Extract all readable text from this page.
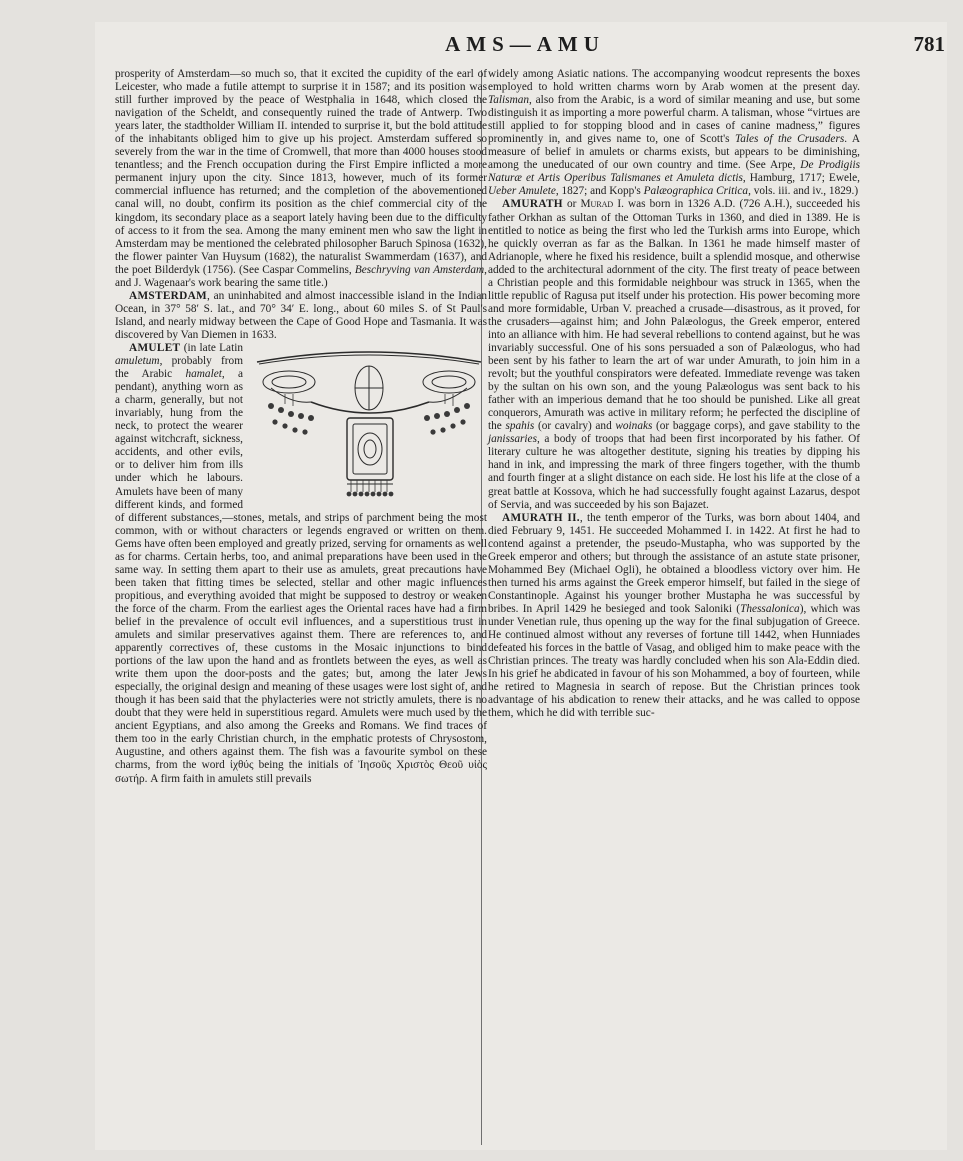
AMS—AMU	781

prosperity of Amsterdam—so much so, that it excited the cupidity of the earl of Leicester, who made a futile attempt to surprise it in 1587; and its position was still further improved by the peace of Westphalia in 1648, which closed the navigation of the Scheldt, and consequently ruined the trade of Antwerp. Two years later, the stadtholder William II. intended to surprise it, but the bold attitude of the inhabitants obliged him to give up his project. Amsterdam suffered so severely from the war in the time of Cromwell, that more than 4000 houses stood tenantless; and the French occupation during the First Empire inflicted a more permanent injury upon the city. Since 1813, however, much of its former commercial influence has returned; and the completion of the abovementioned canal will, no doubt, confirm its position as the chief commercial city of the kingdom, its secondary place as a seaport lately having been due to the difficulty of access to it from the sea. Among the many eminent men who saw the light in Amsterdam may be mentioned the celebrated philosopher Baruch Spinosa (1632), the flower painter Van Huysum (1682), the naturalist Swammerdam (1637), and the poet Bilderdyk (1756). (See Caspar Commelins, Beschryving van Amsterdam, and J. Wagenaar's work bearing the same title.)

AMSTERDAM, an uninhabited and almost inaccessible island in the Indian Ocean, in 37° 58′ S. lat., and 70° 34′ E. long., about 60 miles S. of St Paul's Island, and nearly midway between the Cape of Good Hope and Tasmania. It was discovered by Van Diemen in 1633.

AMULET (in late Latin amuletum, probably from the Arabic hamalet, a pendant), anything worn as a charm, generally, but not invariably, hung from the neck, to protect the wearer against witchcraft, sickness, accidents, and other evils, or to deliver him from ills under which he labours. Amulets have been of many different kinds, and formed of different substances,—stones, metals, and strips of parchment being the most common, with or without characters or legends engraved or written on them. Gems have often been employed and greatly prized, serving for ornaments as well as for charms. Certain herbs, too, and animal preparations have been used in the same way. In setting them apart to their use as amulets, great precautions have been taken that fitting times be selected, stellar and other magic influences propitious, and everything avoided that might be supposed to destroy or weaken the force of the charm. From the earliest ages the Oriental races have had a firm belief in the prevalence of occult evil influences, and a superstitious trust in amulets and similar preservatives against them. There are references to, and apparently correctives of, these customs in the Mosaic injunctions to bind portions of the law upon the hand and as frontlets between the eyes, as well as write them upon the door-posts and the gates; but, among the later Jews especially, the original design and meaning of these usages were lost sight of, and though it has been said that the phylacteries were not strictly amulets, there is no doubt that they were held in superstitious regard. Amulets were much used by the ancient Egyptians, and also among the Greeks and Romans. We find traces of them too in the early Christian church, in the emphatic protests of Chrysostom, Augustine, and others against them. The fish was a favourite symbol on these charms, from the word ἰχθύς being the initials of Ἰησοῦς Χριστὸς Θεοῦ υἱὸς σωτήρ. A firm faith in amulets still prevails

widely among Asiatic nations. The accompanying woodcut represents the boxes employed to hold written charms worn by Arab women at the present day. Talisman, also from the Arabic, is a word of similar meaning and use, but some distinguish it as importing a more powerful charm. A talisman, whose “virtues are still applied to for stopping blood and in cases of canine madness,” figures prominently in, and gives name to, one of Scott's Tales of the Crusaders. A measure of belief in amulets or charms exists, but appears to be diminishing, among the uneducated of our own country and time. (See Arpe, De Prodigiis Naturæ et Artis Operibus Talismanes et Amuleta dictis, Hamburg, 1717; Ewele, Ueber Amulete, 1827; and Kopp's Palæographica Critica, vols. iii. and iv., 1829.)

AMURATH or Murad I. was born in 1326 A.D. (726 A.H.), succeeded his father Orkhan as sultan of the Ottoman Turks in 1360, and died in 1389. He is entitled to notice as being the first who led the Turkish arms into Europe, which he quickly overran as far as the Balkan. In 1361 he made himself master of Adrianople, where he fixed his residence, built a splendid mosque, and otherwise added to the architectural adornment of the city. The first treaty of peace between a Christian people and this formidable neighbour was struck in 1365, when the little republic of Ragusa put itself under his protection. His power becoming more and more formidable, Urban V. preached a crusade—disastrous, as it proved, for the crusaders—against him; and John Palæologus, the Greek emperor, entered into an alliance with him. He had several rebellions to contend against, but he was invariably successful. One of his sons persuaded a son of Palæologus, who had been sent by his father to learn the art of war under Amurath, to join him in a revolt; but the youthful conspirators were defeated. Immediate revenge was taken by the sultan on his own son, and the young Palæologus was sent back to his father with an imperious demand that he too should be punished. Like all great conquerors, Amurath was active in military reform; he perfected the discipline of the spahis (or cavalry) and woinaks (or baggage corps), and gave stability to the janissaries, a body of troops that had been first incorporated by his father. Of literary culture he was altogether destitute, signing his treaties by dipping his hand in ink, and impressing the mark of three fingers together, with the thumb and fourth finger at a slight distance on each side. He lost his life at the close of a great battle at Kossova, which he had successfully fought against Lazarus, despot of Servia, and was succeeded by his son Bajazet.

AMURATH II., the tenth emperor of the Turks, was born about 1404, and died February 9, 1451. He succeeded Mohammed I. in 1422. At first he had to contend against a pretender, the pseudo-Mustapha, who was supported by the Greek emperor and others; but through the assistance of an astute state prisoner, Mohammed Bey (Michael Ogli), he obtained a bloodless victory over him. He then turned his arms against the Greek emperor himself, but failed in the siege of Constantinople. Against his younger brother Mustapha he was successful by bribes. In April 1429 he besieged and took Saloniki (Thessalonica), which was under Venetian rule, thus opening up the way for the final subjugation of Greece. He continued almost without any reverses of fortune till 1442, when Hunniades defeated his forces in the battle of Vasag, and obliged him to make peace with the Christian princes. The treaty was hardly concluded when his son Ala-Eddin died. In his grief he abdicated in favour of his son Mohammed, a boy of fourteen, while he retired to Magnesia in search of repose. But the Christian princes took advantage of his abdication to renew their attacks, and he was called to oppose them, which he did with terrible suc-
